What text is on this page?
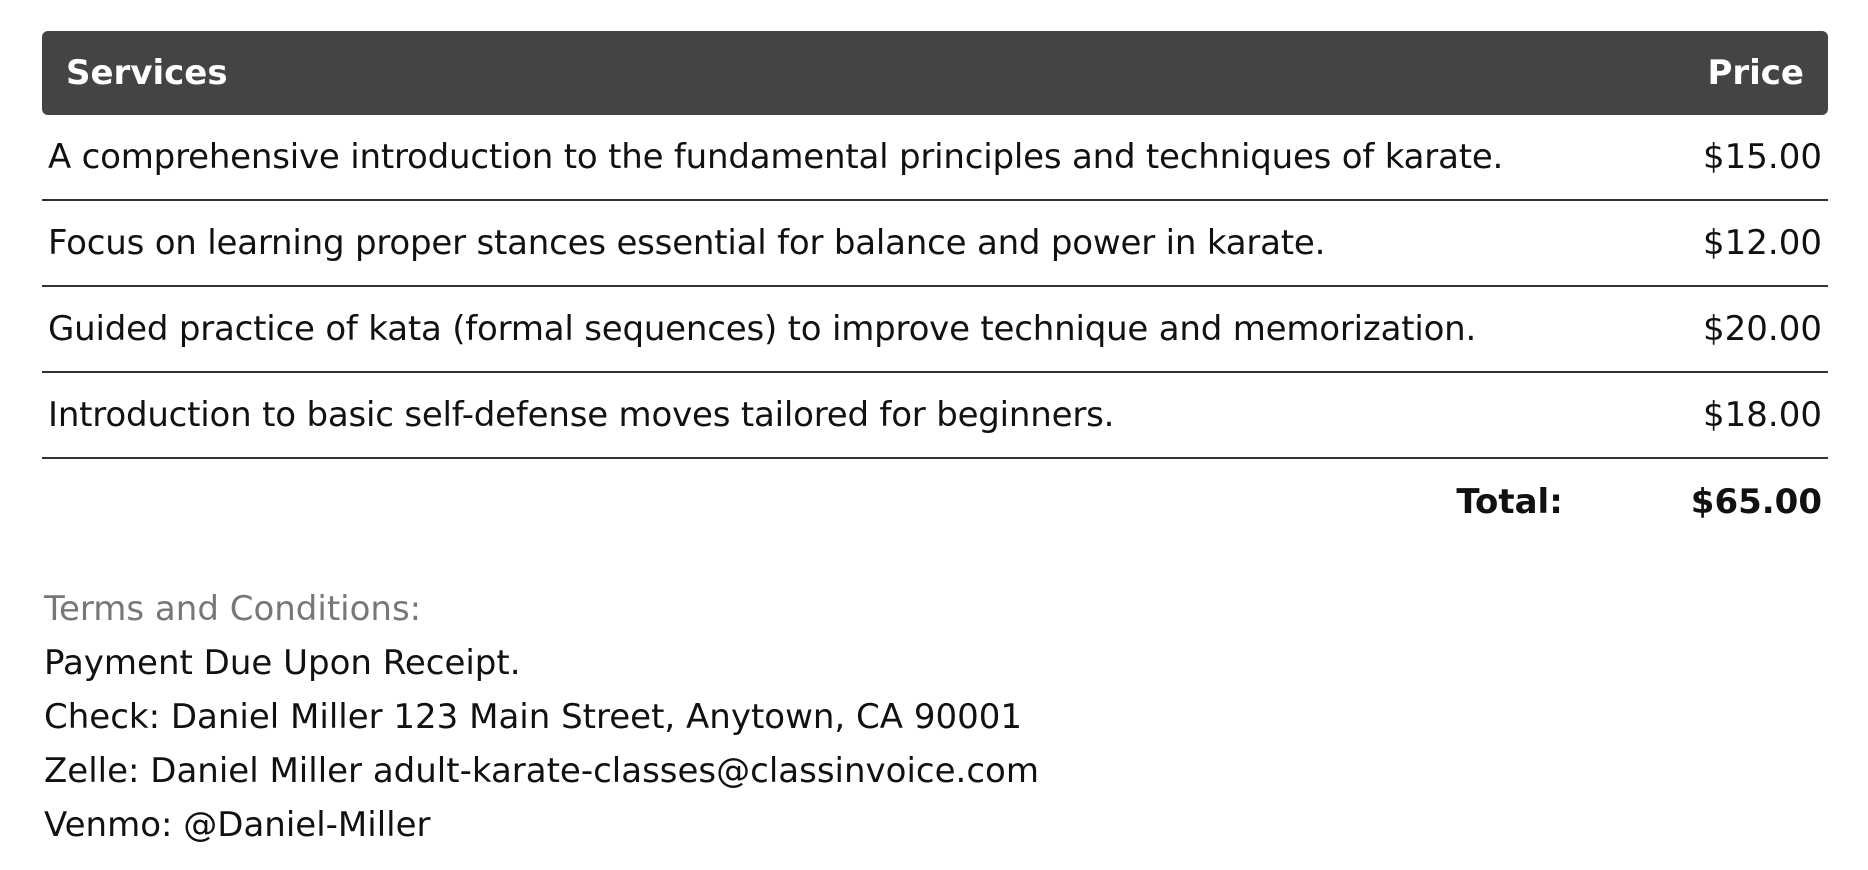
Services	Price
A comprehensive introduction to the fundamental principles and techniques of karate.	$15.00
Focus on learning proper stances essential for balance and power in karate.	$12.00
Guided practice of kata (formal sequences) to improve technique and memorization.	$20.00
Introduction to basic self-defense moves tailored for beginners.	$18.00
Total:	$65.00
Terms and Conditions:
Payment Due Upon Receipt.
Check: Daniel Miller 123 Main Street, Anytown, CA 90001
Zelle: Daniel Miller adult-karate-classes@classinvoice.com
Venmo: @Daniel-Miller
